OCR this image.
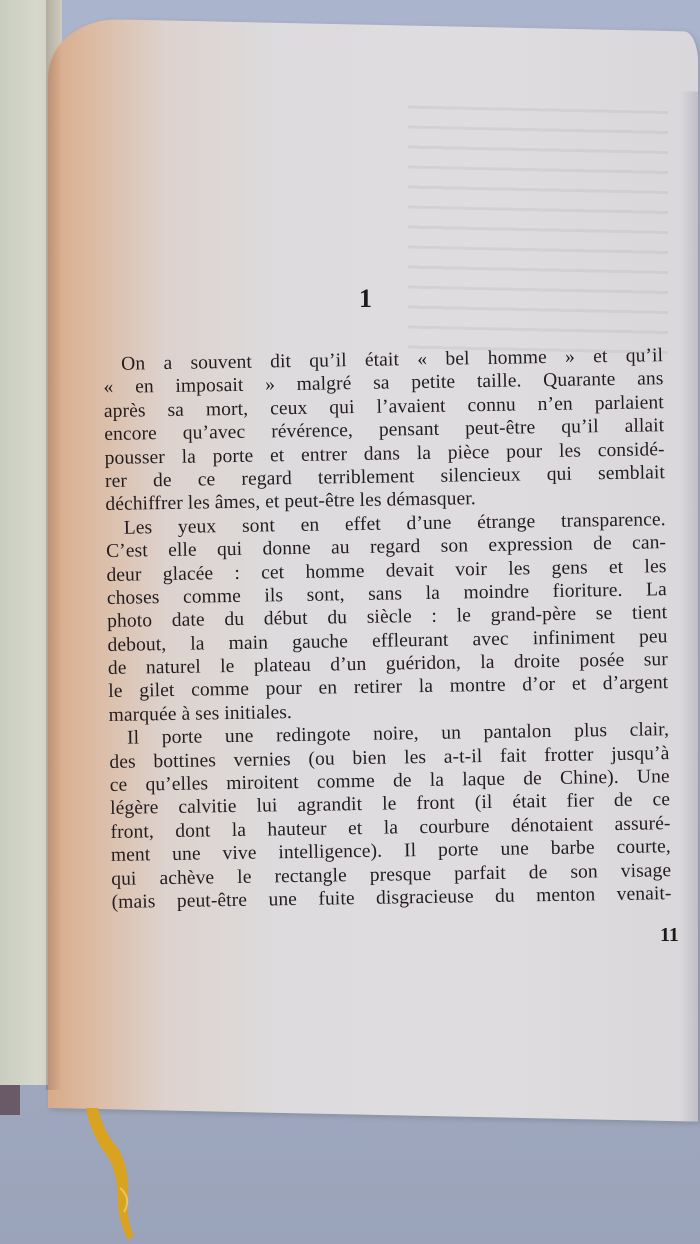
1
On a souvent dit qu’il était « bel homme » et qu’il
« en imposait » malgré sa petite taille. Quarante ans
après sa mort, ceux qui l’avaient connu n’en parlaient
encore qu’avec révérence, pensant peut-être qu’il allait
pousser la porte et entrer dans la pièce pour les considé-
rer de ce regard terriblement silencieux qui semblait
déchiffrer les âmes, et peut-être les démasquer.
Les yeux sont en effet d’une étrange transparence.
C’est elle qui donne au regard son expression de can-
deur glacée : cet homme devait voir les gens et les
choses comme ils sont, sans la moindre fioriture. La
photo date du début du siècle : le grand-père se tient
debout, la main gauche effleurant avec infiniment peu
de naturel le plateau d’un guéridon, la droite posée sur
le gilet comme pour en retirer la montre d’or et d’argent
marquée à ses initiales.
Il porte une redingote noire, un pantalon plus clair,
des bottines vernies (ou bien les a-t-il fait frotter jusqu’à
ce qu’elles miroitent comme de la laque de Chine). Une
légère calvitie lui agrandit le front (il était fier de ce
front, dont la hauteur et la courbure dénotaient assuré-
ment une vive intelligence). Il porte une barbe courte,
qui achève le rectangle presque parfait de son visage
(mais peut-être une fuite disgracieuse du menton venait-
11
